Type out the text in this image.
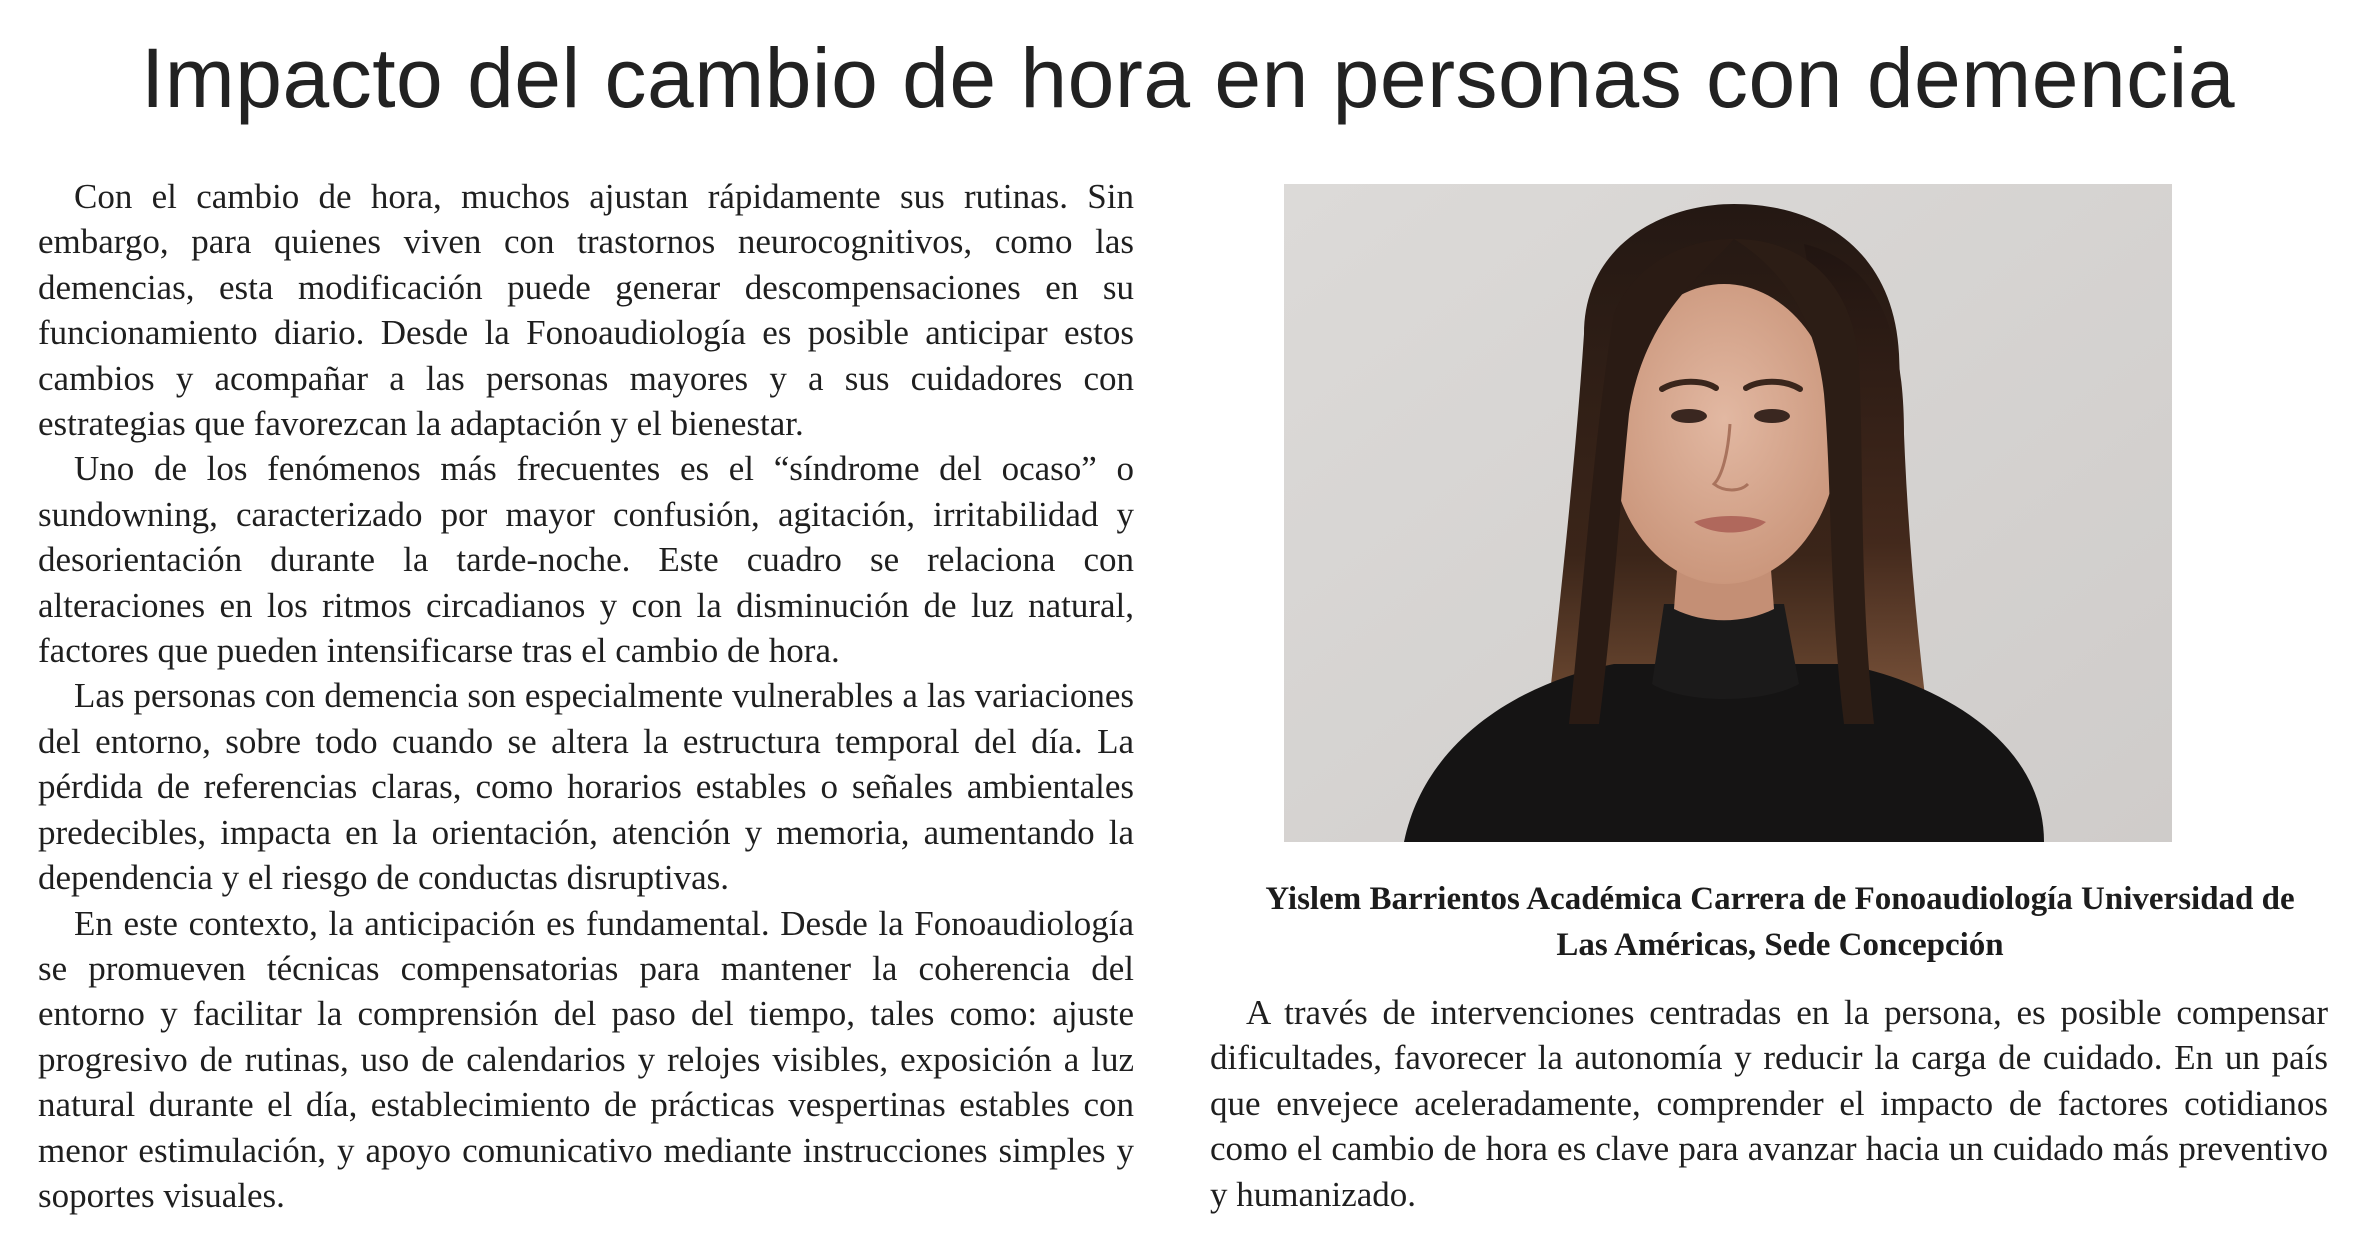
Impacto del cambio de hora en personas con demencia

Con el cambio de hora, muchos ajustan rápidamente sus rutinas. Sin embargo, para quienes viven con trastornos neurocognitivos, como las demencias, esta modificación puede generar descompensaciones en su funcionamiento diario. Desde la Fonoaudiología es posible anticipar estos cambios y acompañar a las personas mayores y a sus cuidadores con estrategias que favorezcan la adaptación y el bienestar.

Uno de los fenómenos más frecuentes es el “síndrome del ocaso” o sundowning, caracterizado por mayor confusión, agitación, irritabilidad y desorientación durante la tarde-noche. Este cuadro se relaciona con alteraciones en los ritmos circadianos y con la disminución de luz natural, factores que pueden intensificarse tras el cambio de hora.

Las personas con demencia son especialmente vulnerables a las variaciones del entorno, sobre todo cuando se altera la estructura temporal del día. La pérdida de referencias claras, como horarios estables o señales ambientales predecibles, impacta en la orientación, atención y memoria, aumentando la dependencia y el riesgo de conductas disruptivas.

En este contexto, la anticipación es fundamental. Desde la Fonoaudiología se promueven técnicas compensatorias para mantener la coherencia del entorno y facilitar la comprensión del paso del tiempo, tales como: ajuste progresivo de rutinas, uso de calendarios y relojes visibles, exposición a luz natural durante el día, establecimiento de prácticas vespertinas estables con menor estimulación, y apoyo comunicativo mediante instrucciones simples y soportes visuales.

Yislem Barrientos Académica Carrera de Fonoaudiología Universidad de Las Américas, Sede Concepción

A través de intervenciones centradas en la persona, es posible compensar dificultades, favorecer la autonomía y reducir la carga de cuidado. En un país que envejece aceleradamente, comprender el impacto de factores cotidianos como el cambio de hora es clave para avanzar hacia un cuidado más preventivo y humanizado.
